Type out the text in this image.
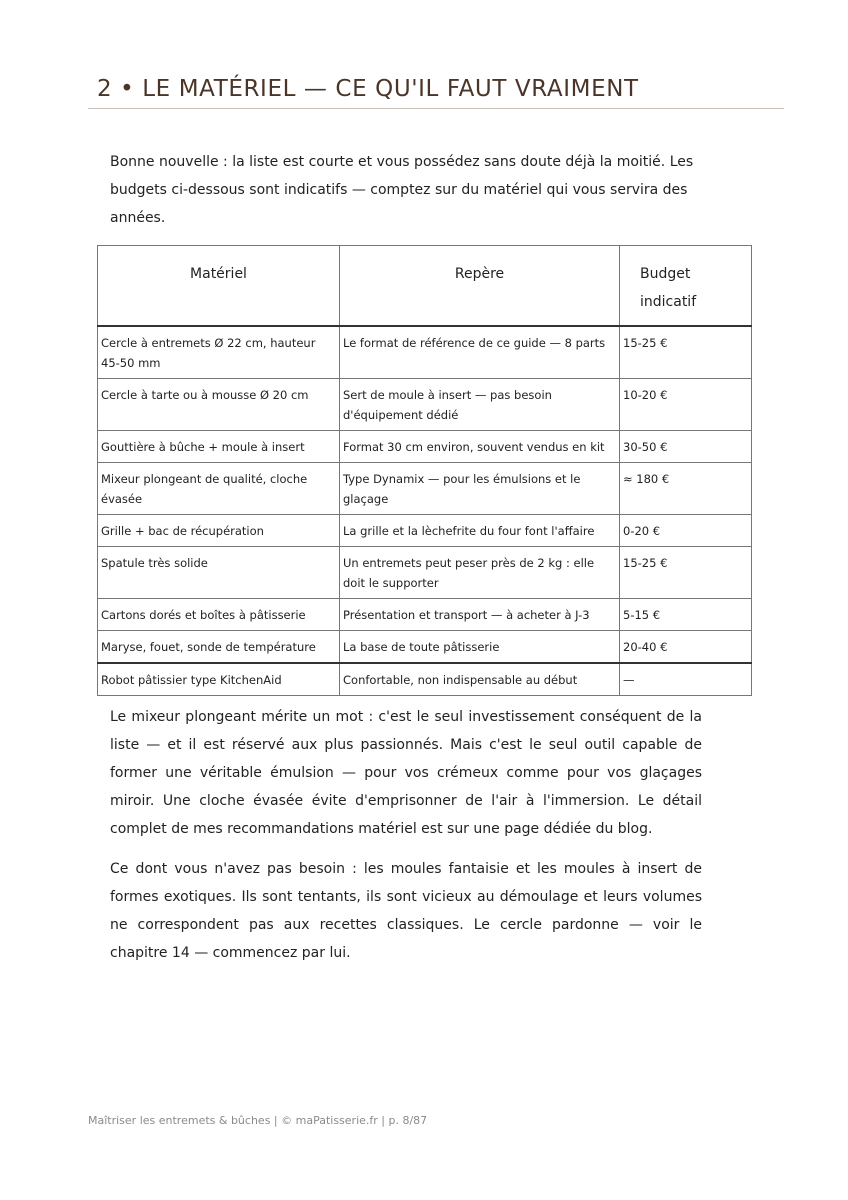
2 • LE MATÉRIEL — CE QU'IL FAUT VRAIMENT

Bonne nouvelle : la liste est courte et vous possédez sans doute déjà la moitié. Les budgets ci-dessous sont indicatifs — comptez sur du matériel qui vous servira des années.

Matériel	Repère	Budget indicatif
Cercle à entremets Ø 22 cm, hauteur 45-50 mm	Le format de référence de ce guide — 8 parts	15-25 €
Cercle à tarte ou à mousse Ø 20 cm	Sert de moule à insert — pas besoin d'équipement dédié	10-20 €
Gouttière à bûche + moule à insert	Format 30 cm environ, souvent vendus en kit	30-50 €
Mixeur plongeant de qualité, cloche évasée	Type Dynamix — pour les émulsions et le glaçage	≈ 180 €
Grille + bac de récupération	La grille et la lèchefrite du four font l'affaire	0-20 €
Spatule très solide	Un entremets peut peser près de 2 kg : elle doit le supporter	15-25 €
Cartons dorés et boîtes à pâtisserie	Présentation et transport — à acheter à J-3	5-15 €
Maryse, fouet, sonde de température	La base de toute pâtisserie	20-40 €
Robot pâtissier type KitchenAid	Confortable, non indispensable au début	—

Le mixeur plongeant mérite un mot : c'est le seul investissement conséquent de la liste — et il est réservé aux plus passionnés. Mais c'est le seul outil capable de former une véritable émulsion — pour vos crémeux comme pour vos glaçages miroir. Une cloche évasée évite d'emprisonner de l'air à l'immersion. Le détail complet de mes recommandations matériel est sur une page dédiée du blog.

Ce dont vous n'avez pas besoin : les moules fantaisie et les moules à insert de formes exotiques. Ils sont tentants, ils sont vicieux au démoulage et leurs volumes ne correspondent pas aux recettes classiques. Le cercle pardonne — voir le chapitre 14 — commencez par lui.

Maîtriser les entremets & bûches | © maPatisserie.fr | p. 8/87
